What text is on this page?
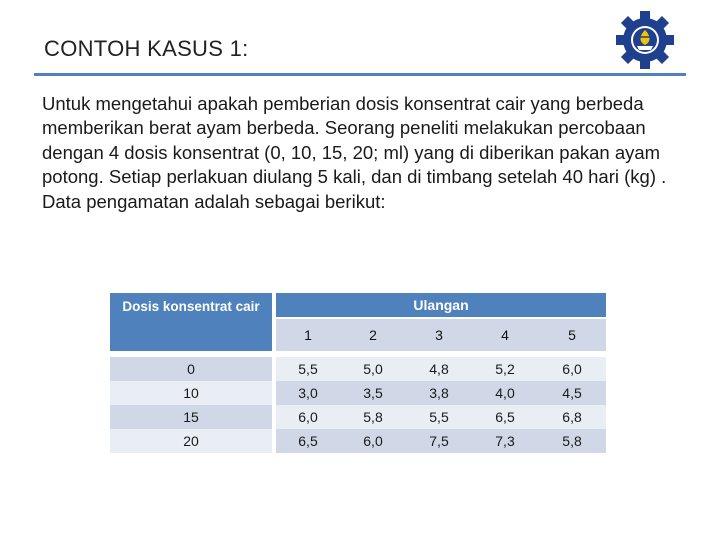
CONTOH KASUS 1:
Untuk mengetahui apakah pemberian dosis konsentrat cair yang berbeda memberikan berat ayam berbeda. Seorang peneliti melakukan percobaan dengan 4 dosis konsentrat (0, 10, 15, 20; ml) yang di diberikan pakan ayam potong. Setiap perlakuan diulang 5 kali, dan di timbang setelah 40 hari (kg) . Data pengamatan adalah sebagai berikut:
Dosis konsentrat cair	Ulangan				
	1	2	3	4	5

0	5,5	5,0	4,8	5,2	6,0
10	3,0	3,5	3,8	4,0	4,5
15	6,0	5,8	5,5	6,5	6,8
20	6,5	6,0	7,5	7,3	5,8
